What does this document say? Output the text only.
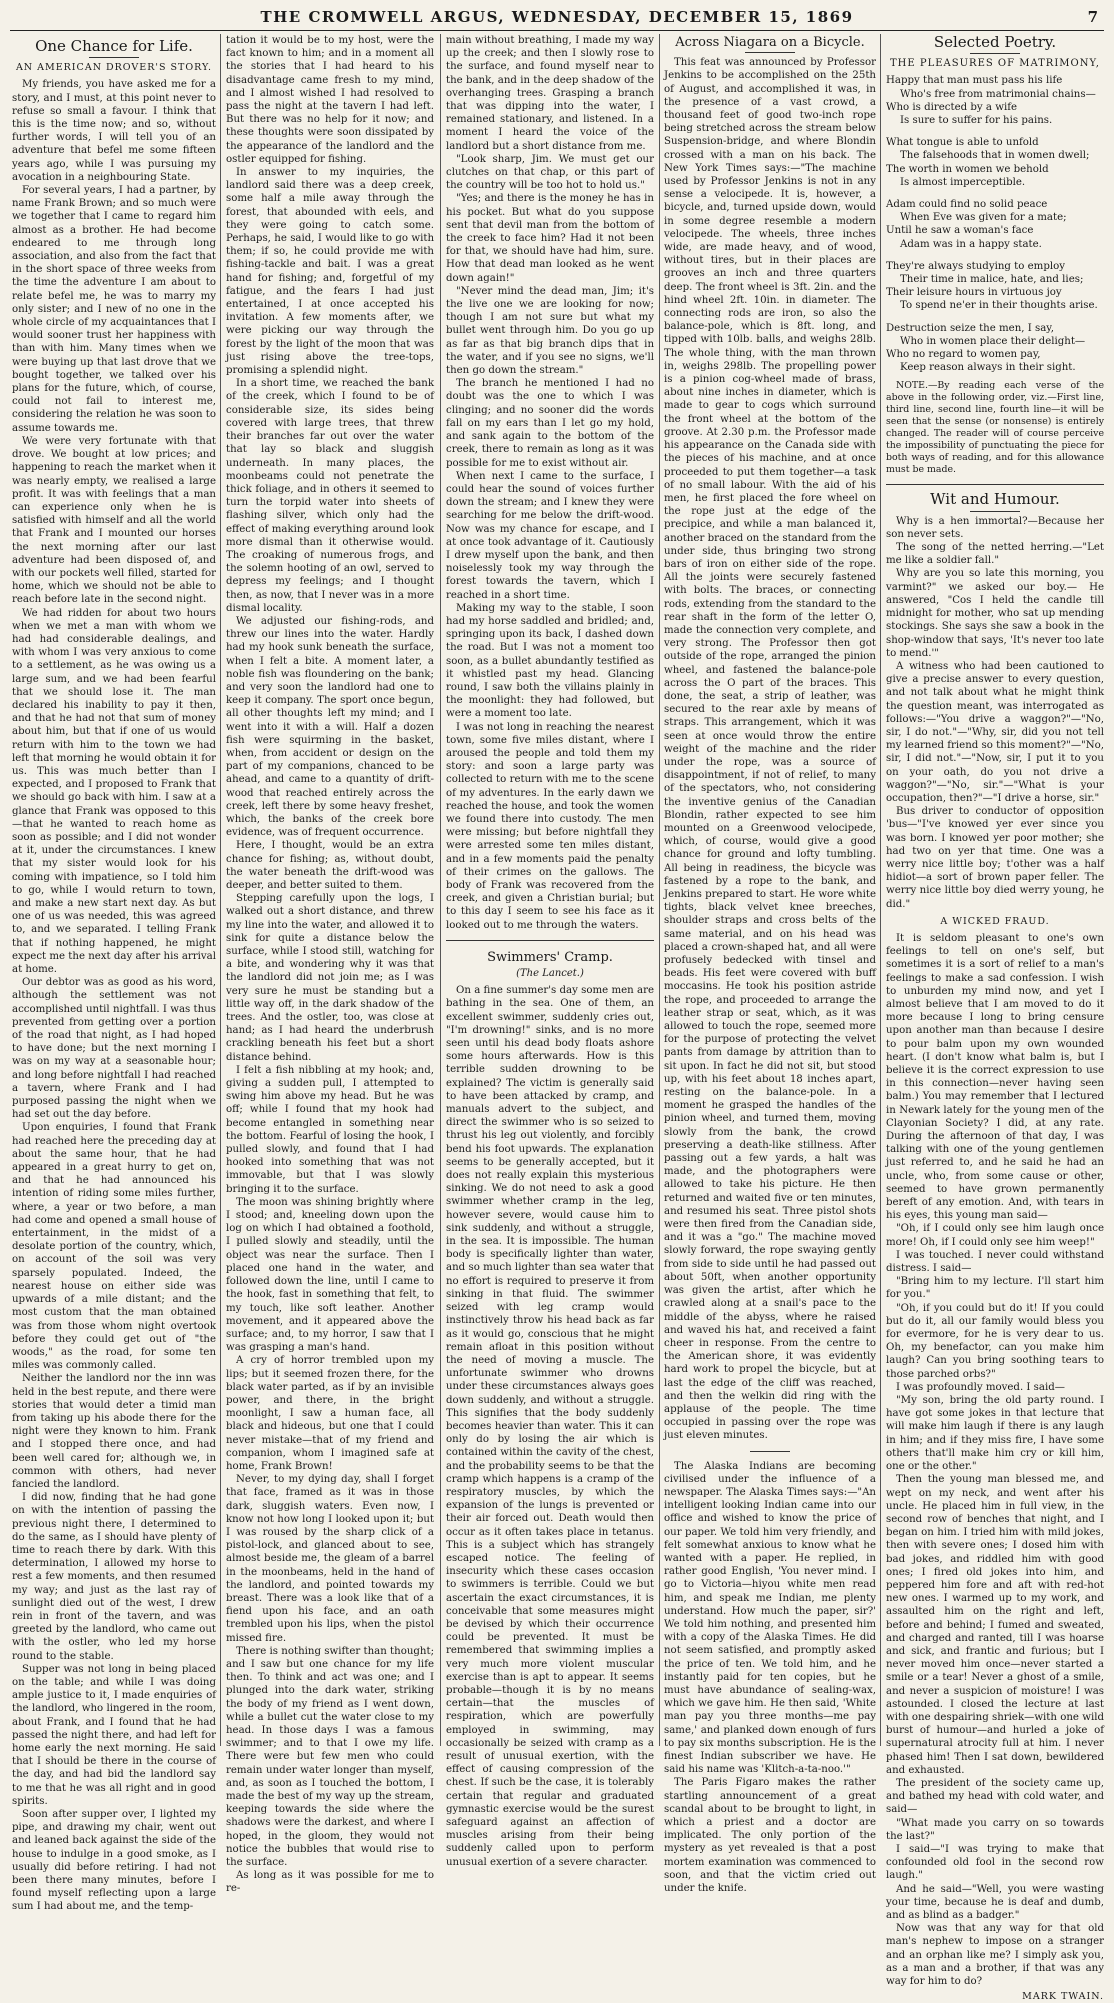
THE CROMWELL ARGUS, WEDNESDAY, DECEMBER 15, 1869	7
One Chance for Life.
AN AMERICAN DROVER'S STORY.

My friends, you have asked me for a story, and I must, at this point never to refuse so small a favour. I think that this is the time now; and so, without further words, I will tell you of an adventure that befel me some fifteen years ago, while I was pursuing my avocation in a neighbouring State.

For several years, I had a partner, by name Frank Brown; and so much were we together that I came to regard him almost as a brother. He had become endeared to me through long association, and also from the fact that in the short space of three weeks from the time the adventure I am about to relate befel me, he was to marry my only sister; and I new of no one in the whole circle of my acquaintances that I would sooner trust her happiness with than with him. Many times when we were buying up that last drove that we bought together, we talked over his plans for the future, which, of course, could not fail to interest me, considering the relation he was soon to assume towards me.

We were very fortunate with that drove. We bought at low prices; and happening to reach the market when it was nearly empty, we realised a large profit. It was with feelings that a man can experience only when he is satisfied with himself and all the world that Frank and I mounted our horses the next morning after our last adventure had been disposed of, and with our pockets well filled, started for home, which we should not be able to reach before late in the second night.

We had ridden for about two hours when we met a man with whom we had had considerable dealings, and with whom I was very anxious to come to a settlement, as he was owing us a large sum, and we had been fearful that we should lose it. The man declared his inability to pay it then, and that he had not that sum of money about him, but that if one of us would return with him to the town we had left that morning he would obtain it for us. This was much better than I expected, and I proposed to Frank that we should go back with him. I saw at a glance that Frank was opposed to this—that he wanted to reach home as soon as possible; and I did not wonder at it, under the circumstances. I knew that my sister would look for his coming with impatience, so I told him to go, while I would return to town, and make a new start next day. As but one of us was needed, this was agreed to, and we separated. I telling Frank that if nothing happened, he might expect me the next day after his arrival at home.

Our debtor was as good as his word, although the settlement was not accomplished until nightfall. I was thus prevented from getting over a portion of the road that night, as I had hoped to have done; but the next morning I was on my way at a seasonable hour; and long before nightfall I had reached a tavern, where Frank and I had purposed passing the night when we had set out the day before.

Upon enquiries, I found that Frank had reached here the preceding day at about the same hour, that he had appeared in a great hurry to get on, and that he had announced his intention of riding some miles further, where, a year or two before, a man had come and opened a small house of entertainment, in the midst of a desolate portion of the country, which, on account of the soil was very sparsely populated. Indeed, the nearest house on either side was upwards of a mile distant; and the most custom that the man obtained was from those whom night overtook before they could get out of "the woods," as the road, for some ten miles was commonly called.

Neither the landlord nor the inn was held in the best repute, and there were stories that would deter a timid man from taking up his abode there for the night were they known to him. Frank and I stopped there once, and had been well cared for; although we, in common with others, had never fancied the landlord.

I did now, finding that he had gone on with the intention of passing the previous night there, I determined to do the same, as I should have plenty of time to reach there by dark. With this determination, I allowed my horse to rest a few moments, and then resumed my way; and just as the last ray of sunlight died out of the west, I drew rein in front of the tavern, and was greeted by the landlord, who came out with the ostler, who led my horse round to the stable.

Supper was not long in being placed on the table; and while I was doing ample justice to it, I made enquiries of the landlord, who lingered in the room, about Frank, and I found that he had passed the night there, and had left for home early the next morning. He said that I should be there in the course of the day, and had bid the landlord say to me that he was all right and in good spirits.

Soon after supper over, I lighted my pipe, and drawing my chair, went out and leaned back against the side of the house to indulge in a good smoke, as I usually did before retiring. I had not been there many minutes, before I found myself reflecting upon a large sum I had about me, and the temp-

tation it would be to my host, were the fact known to him; and in a moment all the stories that I had heard to his disadvantage came fresh to my mind, and I almost wished I had resolved to pass the night at the tavern I had left. But there was no help for it now; and these thoughts were soon dissipated by the appearance of the landlord and the ostler equipped for fishing.

In answer to my inquiries, the landlord said there was a deep creek, some half a mile away through the forest, that abounded with eels, and they were going to catch some. Perhaps, he said, I would like to go with them; if so, he could provide me with fishing-tackle and bait. I was a great hand for fishing; and, forgetful of my fatigue, and the fears I had just entertained, I at once accepted his invitation. A few moments after, we were picking our way through the forest by the light of the moon that was just rising above the tree-tops, promising a splendid night.

In a short time, we reached the bank of the creek, which I found to be of considerable size, its sides being covered with large trees, that threw their branches far out over the water that lay so black and sluggish underneath. In many places, the moonbeams could not penetrate the thick foliage, and in others it seemed to turn the torpid water into sheets of flashing silver, which only had the effect of making everything around look more dismal than it otherwise would. The croaking of numerous frogs, and the solemn hooting of an owl, served to depress my feelings; and I thought then, as now, that I never was in a more dismal locality.

We adjusted our fishing-rods, and threw our lines into the water. Hardly had my hook sunk beneath the surface, when I felt a bite. A moment later, a noble fish was floundering on the bank; and very soon the landlord had one to keep it company. The sport once begun, all other thoughts left my mind; and I went into it with a will. Half a dozen fish were squirming in the basket, when, from accident or design on the part of my companions, chanced to be ahead, and came to a quantity of drift-wood that reached entirely across the creek, left there by some heavy freshet, which, the banks of the creek bore evidence, was of frequent occurrence.

Here, I thought, would be an extra chance for fishing; as, without doubt, the water beneath the drift-wood was deeper, and better suited to them.

Stepping carefully upon the logs, I walked out a short distance, and threw my line into the water, and allowed it to sink for quite a distance below the surface, while I stood still, watching for a bite, and wondering why it was that the landlord did not join me; as I was very sure he must be standing but a little way off, in the dark shadow of the trees. And the ostler, too, was close at hand; as I had heard the underbrush crackling beneath his feet but a short distance behind.

I felt a fish nibbling at my hook; and, giving a sudden pull, I attempted to swing him above my head. But he was off; while I found that my hook had become entangled in something near the bottom. Fearful of losing the hook, I pulled slowly, and found that I had hooked into something that was not immovable, but that I was slowly bringing it to the surface.

The moon was shining brightly where I stood; and, kneeling down upon the log on which I had obtained a foothold, I pulled slowly and steadily, until the object was near the surface. Then I placed one hand in the water, and followed down the line, until I came to the hook, fast in something that felt, to my touch, like soft leather. Another movement, and it appeared above the surface; and, to my horror, I saw that I was grasping a man's hand.

A cry of horror trembled upon my lips; but it seemed frozen there, for the black water parted, as if by an invisible power, and there, in the bright moonlight, I saw a human face, all black and hideous, but one that I could never mistake—that of my friend and companion, whom I imagined safe at home, Frank Brown!

Never, to my dying day, shall I forget that face, framed as it was in those dark, sluggish waters. Even now, I know not how long I looked upon it; but I was roused by the sharp click of a pistol-lock, and glanced about to see, almost beside me, the gleam of a barrel in the moonbeams, held in the hand of the landlord, and pointed towards my breast. There was a look like that of a fiend upon his face, and an oath trembled upon his lips, when the pistol missed fire.

There is nothing swifter than thought; and I saw but one chance for my life then. To think and act was one; and I plunged into the dark water, striking the body of my friend as I went down, while a bullet cut the water close to my head. In those days I was a famous swimmer; and to that I owe my life. There were but few men who could remain under water longer than myself, and, as soon as I touched the bottom, I made the best of my way up the stream, keeping towards the side where the shadows were the darkest, and where I hoped, in the gloom, they would not notice the bubbles that would rise to the surface.

As long as it was possible for me to re-

main without breathing, I made my way up the creek; and then I slowly rose to the surface, and found myself near to the bank, and in the deep shadow of the overhanging trees. Grasping a branch that was dipping into the water, I remained stationary, and listened. In a moment I heard the voice of the landlord but a short distance from me.

"Look sharp, Jim. We must get our clutches on that chap, or this part of the country will be too hot to hold us."

"Yes; and there is the money he has in his pocket. But what do you suppose sent that devil man from the bottom of the creek to face him? Had it not been for that, we should have had him, sure. How that dead man looked as he went down again!"

"Never mind the dead man, Jim; it's the live one we are looking for now; though I am not sure but what my bullet went through him. Do you go up as far as that big branch dips that in the water, and if you see no signs, we'll then go down the stream."

The branch he mentioned I had no doubt was the one to which I was clinging; and no sooner did the words fall on my ears than I let go my hold, and sank again to the bottom of the creek, there to remain as long as it was possible for me to exist without air.

When next I came to the surface, I could hear the sound of voices further down the stream; and I knew they were searching for me below the drift-wood. Now was my chance for escape, and I at once took advantage of it. Cautiously I drew myself upon the bank, and then noiselessly took my way through the forest towards the tavern, which I reached in a short time.

Making my way to the stable, I soon had my horse saddled and bridled; and, springing upon its back, I dashed down the road. But I was not a moment too soon, as a bullet abundantly testified as it whistled past my head. Glancing round, I saw both the villains plainly in the moonlight: they had followed, but were a moment too late.

I was not long in reaching the nearest town, some five miles distant, where I aroused the people and told them my story: and soon a large party was collected to return with me to the scene of my adventures. In the early dawn we reached the house, and took the women we found there into custody. The men were missing; but before nightfall they were arrested some ten miles distant, and in a few moments paid the penalty of their crimes on the gallows. The body of Frank was recovered from the creek, and given a Christian burial; but to this day I seem to see his face as it looked out to me through the waters.

Swimmers' Cramp.
(The Lancet.)

On a fine summer's day some men are bathing in the sea. One of them, an excellent swimmer, suddenly cries out, "I'm drowning!" sinks, and is no more seen until his dead body floats ashore some hours afterwards. How is this terrible sudden drowning to be explained? The victim is generally said to have been attacked by cramp, and manuals advert to the subject, and direct the swimmer who is so seized to thrust his leg out violently, and forcibly bend his foot upwards. The explanation seems to be generally accepted, but it does not really explain this mysterious sinking. We do not need to ask a good swimmer whether cramp in the leg, however severe, would cause him to sink suddenly, and without a struggle, in the sea. It is impossible. The human body is specifically lighter than water, and so much lighter than sea water that no effort is required to preserve it from sinking in that fluid. The swimmer seized with leg cramp would instinctively throw his head back as far as it would go, conscious that he might remain afloat in this position without the need of moving a muscle. The unfortunate swimmer who drowns under these circumstances always goes down suddenly, and without a struggle. This signifies that the body suddenly becomes heavier than water. This it can only do by losing the air which is contained within the cavity of the chest, and the probability seems to be that the cramp which happens is a cramp of the respiratory muscles, by which the expansion of the lungs is prevented or their air forced out. Death would then occur as it often takes place in tetanus. This is a subject which has strangely escaped notice. The feeling of insecurity which these cases occasion to swimmers is terrible. Could we but ascertain the exact circumstances, it is conceivable that some measures might be devised by which their occurrence could be prevented. It must be remembered that swimming implies a very much more violent muscular exercise than is apt to appear. It seems probable—though it is by no means certain—that the muscles of respiration, which are powerfully employed in swimming, may occasionally be seized with cramp as a result of unusual exertion, with the effect of causing compression of the chest. If such be the case, it is tolerably certain that regular and graduated gymnastic exercise would be the surest safeguard against an affection of muscles arising from their being suddenly called upon to perform unusual exertion of a severe character.

Across Niagara on a Bicycle.

This feat was announced by Professor Jenkins to be accomplished on the 25th of August, and accomplished it was, in the presence of a vast crowd, a thousand feet of good two-inch rope being stretched across the stream below Suspension-bridge, and where Blondin crossed with a man on his back. The New York Times says:—"The machine used by Professor Jenkins is not in any sense a velocipede. It is, however, a bicycle, and, turned upside down, would in some degree resemble a modern velocipede. The wheels, three inches wide, are made heavy, and of wood, without tires, but in their places are grooves an inch and three quarters deep. The front wheel is 3ft. 2in. and the hind wheel 2ft. 10in. in diameter. The connecting rods are iron, so also the balance-pole, which is 8ft. long, and tipped with 10lb. balls, and weighs 28lb. The whole thing, with the man thrown in, weighs 298lb. The propelling power is a pinion cog-wheel made of brass, about nine inches in diameter, which is made to gear to cogs which surround the front wheel at the bottom of the groove. At 2.30 p.m. the Professor made his appearance on the Canada side with the pieces of his machine, and at once proceeded to put them together—a task of no small labour. With the aid of his men, he first placed the fore wheel on the rope just at the edge of the precipice, and while a man balanced it, another braced on the standard from the under side, thus bringing two strong bars of iron on either side of the rope. All the joints were securely fastened with bolts. The braces, or connecting rods, extending from the standard to the rear shaft in the form of the letter O, made the connection very complete, and very strong. The Professor then got outside of the rope, arranged the pinion wheel, and fastened the balance-pole across the O part of the braces. This done, the seat, a strip of leather, was secured to the rear axle by means of straps. This arrangement, which it was seen at once would throw the entire weight of the machine and the rider under the rope, was a source of disappointment, if not of relief, to many of the spectators, who, not considering the inventive genius of the Canadian Blondin, rather expected to see him mounted on a Greenwood velocipede, which, of course, would give a good chance for ground and lofty tumbling. All being in readiness, the bicycle was fastened by a rope to the bank, and Jenkins prepared to start. He wore white tights, black velvet knee breeches, shoulder straps and cross belts of the same material, and on his head was placed a crown-shaped hat, and all were profusely bedecked with tinsel and beads. His feet were covered with buff moccasins. He took his position astride the rope, and proceeded to arrange the leather strap or seat, which, as it was allowed to touch the rope, seemed more for the purpose of protecting the velvet pants from damage by attrition than to sit upon. In fact he did not sit, but stood up, with his feet about 18 inches apart, resting on the balance-pole. In a moment he grasped the handles of the pinion wheel, and turned them, moving slowly from the bank, the crowd preserving a death-like stillness. After passing out a few yards, a halt was made, and the photographers were allowed to take his picture. He then returned and waited five or ten minutes, and resumed his seat. Three pistol shots were then fired from the Canadian side, and it was a "go." The machine moved slowly forward, the rope swaying gently from side to side until he had passed out about 50ft, when another opportunity was given the artist, after which he crawled along at a snail's pace to the middle of the abyss, where he raised and waved his hat, and received a faint cheer in response. From the centre to the American shore, it was evidently hard work to propel the bicycle, but at last the edge of the cliff was reached, and then the welkin did ring with the applause of the people. The time occupied in passing over the rope was just eleven minutes.

The Alaska Indians are becoming civilised under the influence of a newspaper. The Alaska Times says:—"An intelligent looking Indian came into our office and wished to know the price of our paper. We told him very friendly, and felt somewhat anxious to know what he wanted with a paper. He replied, in rather good English, 'You never mind. I go to Victoria—hiyou white men read him, and speak me Indian, me plenty understand. How much the paper, sir?' We told him nothing, and presented him with a copy of the Alaska Times. He did not seem satisfied, and promptly asked the price of ten. We told him, and he instantly paid for ten copies, but he must have abundance of sealing-wax, which we gave him. He then said, 'White man pay you three months—me pay same,' and planked down enough of furs to pay six months subscription. He is the finest Indian subscriber we have. He said his name was 'Klitch-a-ta-noo.'"

The Paris Figaro makes the rather startling announcement of a great scandal about to be brought to light, in which a priest and a doctor are implicated. The only portion of the mystery as yet revealed is that a post mortem examination was commenced to soon, and that the victim cried out under the knife.

Selected Poetry.
THE PLEASURES OF MATRIMONY,

Happy that man must pass his life

Who's free from matrimonial chains—

Who is directed by a wife

Is sure to suffer for his pains.

What tongue is able to unfold

The falsehoods that in women dwell;

The worth in women we behold

Is almost imperceptible.

Adam could find no solid peace

When Eve was given for a mate;

Until he saw a woman's face

Adam was in a happy state.

They're always studying to employ

Their time in malice, hate, and lies;

Their leisure hours in virtuous joy

To spend ne'er in their thoughts arise.

Destruction seize the men, I say,

Who in women place their delight—

Who no regard to women pay,

Keep reason always in their sight.

NOTE.—By reading each verse of the above in the following order, viz.—First line, third line, second line, fourth line—it will be seen that the sense (or nonsense) is entirely changed. The reader will of course perceive the impossibility of punctuating the piece for both ways of reading, and for this allowance must be made.

Wit and Humour.

Why is a hen immortal?—Because her son never sets.

The song of the netted herring.—"Let me like a soldier fall."

Why are you so late this morning, you varmint?" we asked our boy.— He answered, "Cos I held the candle till midnight for mother, who sat up mending stockings. She says she saw a book in the shop-window that says, 'It's never too late to mend.'"

A witness who had been cautioned to give a precise answer to every question, and not talk about what he might think the question meant, was interrogated as follows:—"You drive a waggon?"—"No, sir, I do not."—"Why, sir, did you not tell my learned friend so this moment?"—"No, sir, I did not."—"Now, sir, I put it to you on your oath, do you not drive a waggon?"—"No, sir."—"What is your occupation, then?"—"I drive a horse, sir."

Bus driver to conductor of opposition 'bus—"I've knowed yer ever since you was born. I knowed yer poor mother; she had two on yer that time. One was a werry nice little boy; t'other was a half hidiot—a sort of brown paper feller. The werry nice little boy died werry young, he did."

A WICKED FRAUD.

It is seldom pleasant to one's own feelings to tell on one's self, but sometimes it is a sort of relief to a man's feelings to make a sad confession. I wish to unburden my mind now, and yet I almost believe that I am moved to do it more because I long to bring censure upon another man than because I desire to pour balm upon my own wounded heart. (I don't know what balm is, but I believe it is the correct expression to use in this connection—never having seen balm.) You may remember that I lectured in Newark lately for the young men of the Clayonian Society? I did, at any rate. During the afternoon of that day, I was talking with one of the young gentlemen just referred to, and he said he had an uncle, who, from some cause or other, seemed to have grown permanently bereft of any emotion. And, with tears in his eyes, this young man said—

"Oh, if I could only see him laugh once more! Oh, if I could only see him weep!"

I was touched. I never could withstand distress. I said—

"Bring him to my lecture. I'll start him for you."

"Oh, if you could but do it! If you could but do it, all our family would bless you for evermore, for he is very dear to us. Oh, my benefactor, can you make him laugh? Can you bring soothing tears to those parched orbs?"

I was profoundly moved. I said—

"My son, bring the old party round. I have got some jokes in that lecture that will make him laugh if there is any laugh in him; and if they miss fire, I have some others that'll make him cry or kill him, one or the other."

Then the young man blessed me, and wept on my neck, and went after his uncle. He placed him in full view, in the second row of benches that night, and I began on him. I tried him with mild jokes, then with severe ones; I dosed him with bad jokes, and riddled him with good ones; I fired old jokes into him, and peppered him fore and aft with red-hot new ones. I warmed up to my work, and assaulted him on the right and left, before and behind; I fumed and sweated, and charged and ranted, till I was hoarse and sick, and frantic and furious; but I never moved him once—never started a smile or a tear! Never a ghost of a smile, and never a suspicion of moisture! I was astounded. I closed the lecture at last with one despairing shriek—with one wild burst of humour—and hurled a joke of supernatural atrocity full at him. I never phased him! Then I sat down, bewildered and exhausted.

The president of the society came up, and bathed my head with cold water, and said—

"What made you carry on so towards the last?"

I said—"I was trying to make that confounded old fool in the second row laugh."

And he said—"Well, you were wasting your time, because he is deaf and dumb, and as blind as a badger."

Now was that any way for that old man's nephew to impose on a stranger and an orphan like me? I simply ask you, as a man and a brother, if that was any way for him to do?

MARK TWAIN.
